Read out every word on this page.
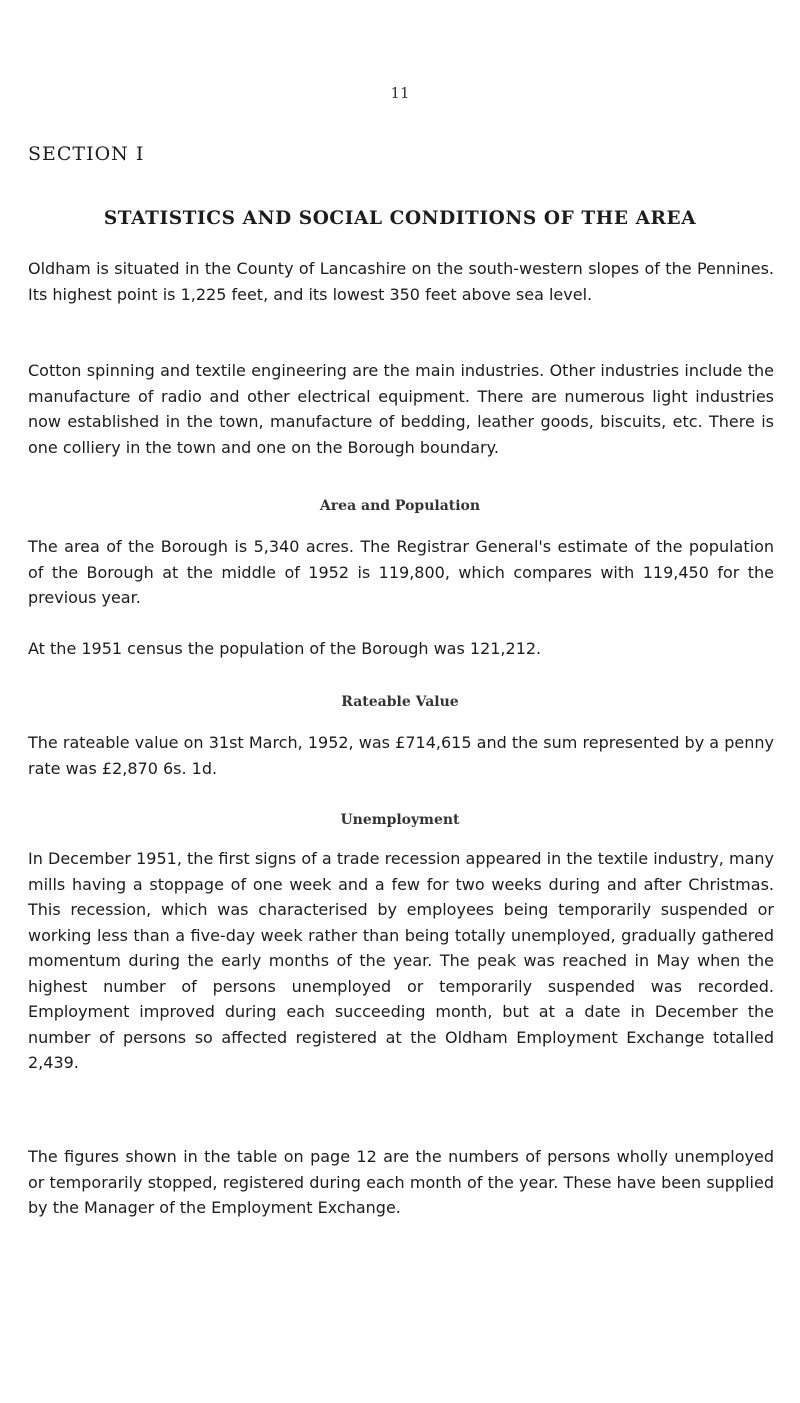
11
SECTION I
STATISTICS AND SOCIAL CONDITIONS OF THE AREA

Oldham is situated in the County of Lancashire on the south-western slopes of the Pennines. Its highest point is 1,225 feet, and its lowest 350 feet above sea level.

Cotton spinning and textile engineering are the main industries. Other industries include the manufacture of radio and other electrical equipment. There are numerous light industries now established in the town, manufacture of bedding, leather goods, biscuits, etc. There is one colliery in the town and one on the Borough boundary.

Area and Population

The area of the Borough is 5,340 acres. The Registrar General's estimate of the population of the Borough at the middle of 1952 is 119,800, which compares with 119,450 for the previous year.

At the 1951 census the population of the Borough was 121,212.

Rateable Value

The rateable value on 31st March, 1952, was £714,615 and the sum represented by a penny rate was £2,870 6s. 1d.

Unemployment

In December 1951, the first signs of a trade recession appeared in the textile industry, many mills having a stoppage of one week and a few for two weeks during and after Christmas. This recession, which was characterised by employees being temporarily suspended or working less than a five-day week rather than being totally unemployed, gradually gathered momentum during the early months of the year. The peak was reached in May when the highest number of persons unemployed or temporarily suspended was recorded. Employment improved during each succeeding month, but at a date in December the number of persons so affected registered at the Oldham Employment Exchange totalled 2,439.

The figures shown in the table on page 12 are the numbers of persons wholly unemployed or temporarily stopped, registered during each month of the year. These have been supplied by the Manager of the Employment Exchange.
